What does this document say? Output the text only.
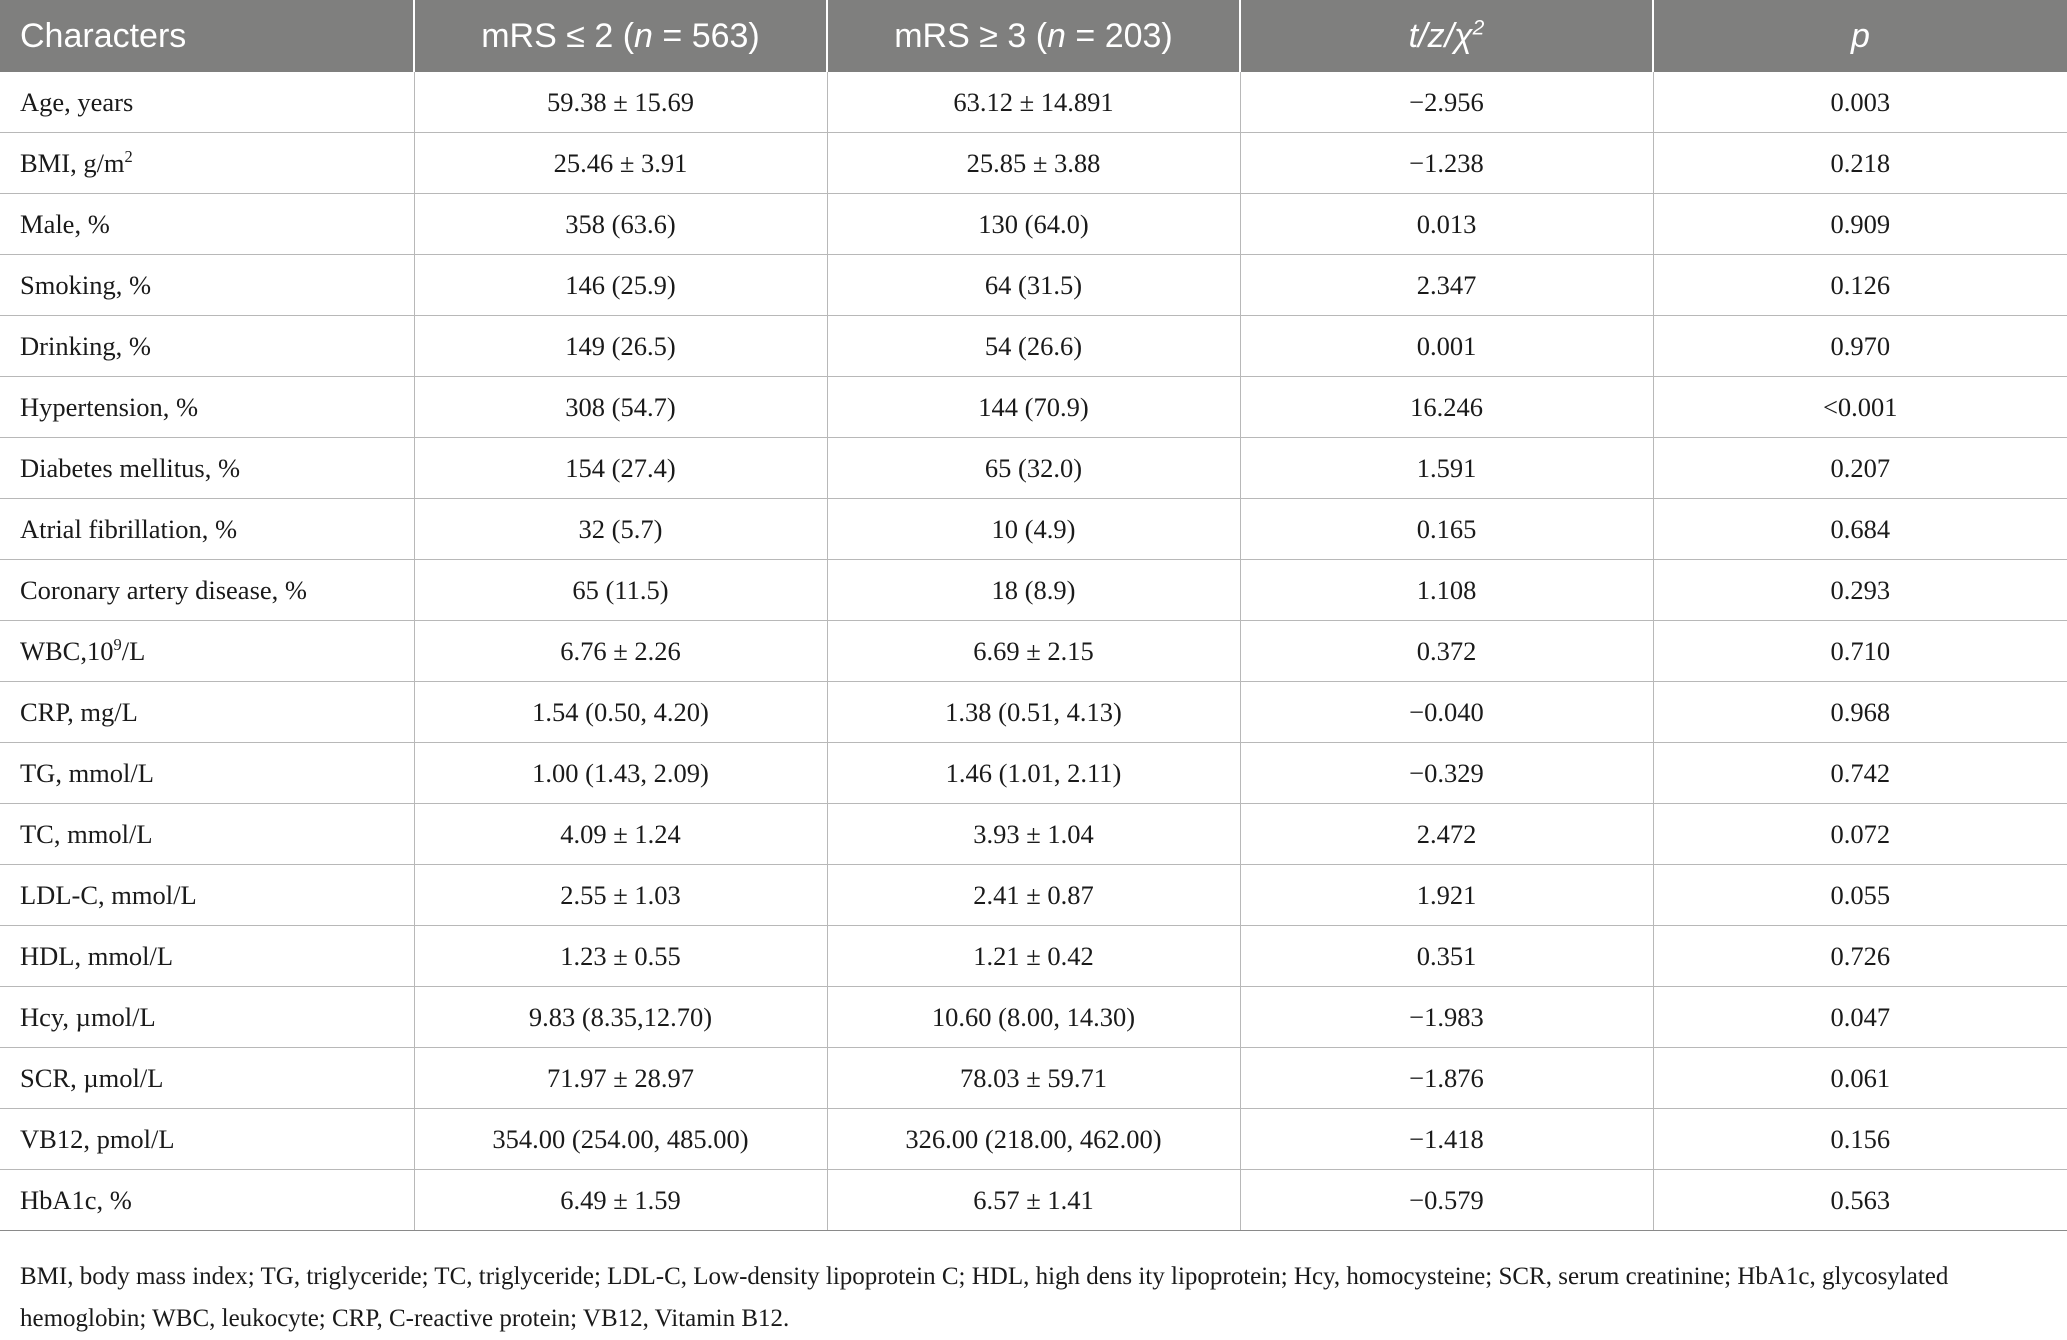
Characters	mRS ≤ 2 (n = 563)	mRS ≥ 3 (n = 203)	$t/z/\chi^2$	p
Age, years	59.38 ± 15.69	63.12 ± 14.891	−2.956	0.003
BMI, $g/m^2$	25.46 ± 3.91	25.85 ± 3.88	−1.238	0.218
Male, %	358 (63.6)	130 (64.0)	0.013	0.909
Smoking, %	146 (25.9)	64 (31.5)	2.347	0.126
Drinking, %	149 (26.5)	54 (26.6)	0.001	0.970
Hypertension, %	308 (54.7)	144 (70.9)	16.246	<0.001
Diabetes mellitus, %	154 (27.4)	65 (32.0)	1.591	0.207
Atrial fibrillation, %	32 (5.7)	10 (4.9)	0.165	0.684
Coronary artery disease, %	65 (11.5)	18 (8.9)	1.108	0.293
$WBC,10^9/L$	6.76 ± 2.26	6.69 ± 2.15	0.372	0.710
CRP, mg/L	1.54 (0.50, 4.20)	1.38 (0.51, 4.13)	−0.040	0.968
TG, mmol/L	1.00 (1.43, 2.09)	1.46 (1.01, 2.11)	−0.329	0.742
TC, mmol/L	4.09 ± 1.24	3.93 ± 1.04	2.472	0.072
LDL-C, mmol/L	2.55 ± 1.03	2.41 ± 0.87	1.921	0.055
HDL, mmol/L	1.23 ± 0.55	1.21 ± 0.42	0.351	0.726
Hcy, µmol/L	9.83 (8.35,12.70)	10.60 (8.00, 14.30)	−1.983	0.047
SCR, µmol/L	71.97 ± 28.97	78.03 ± 59.71	−1.876	0.061
VB12, pmol/L	354.00 (254.00, 485.00)	326.00 (218.00, 462.00)	−1.418	0.156
HbA1c, %	6.49 ± 1.59	6.57 ± 1.41	−0.579	0.563
BMI, body mass index; TG, triglyceride; TC, triglyceride; LDL-C, Low-density lipoprotein C; HDL, high dens ity lipoprotein; Hcy, homocysteine; SCR, serum creatinine; HbA1c, glycosylated hemoglobin; WBC, leukocyte; CRP, C-reactive protein; VB12, Vitamin B12.
